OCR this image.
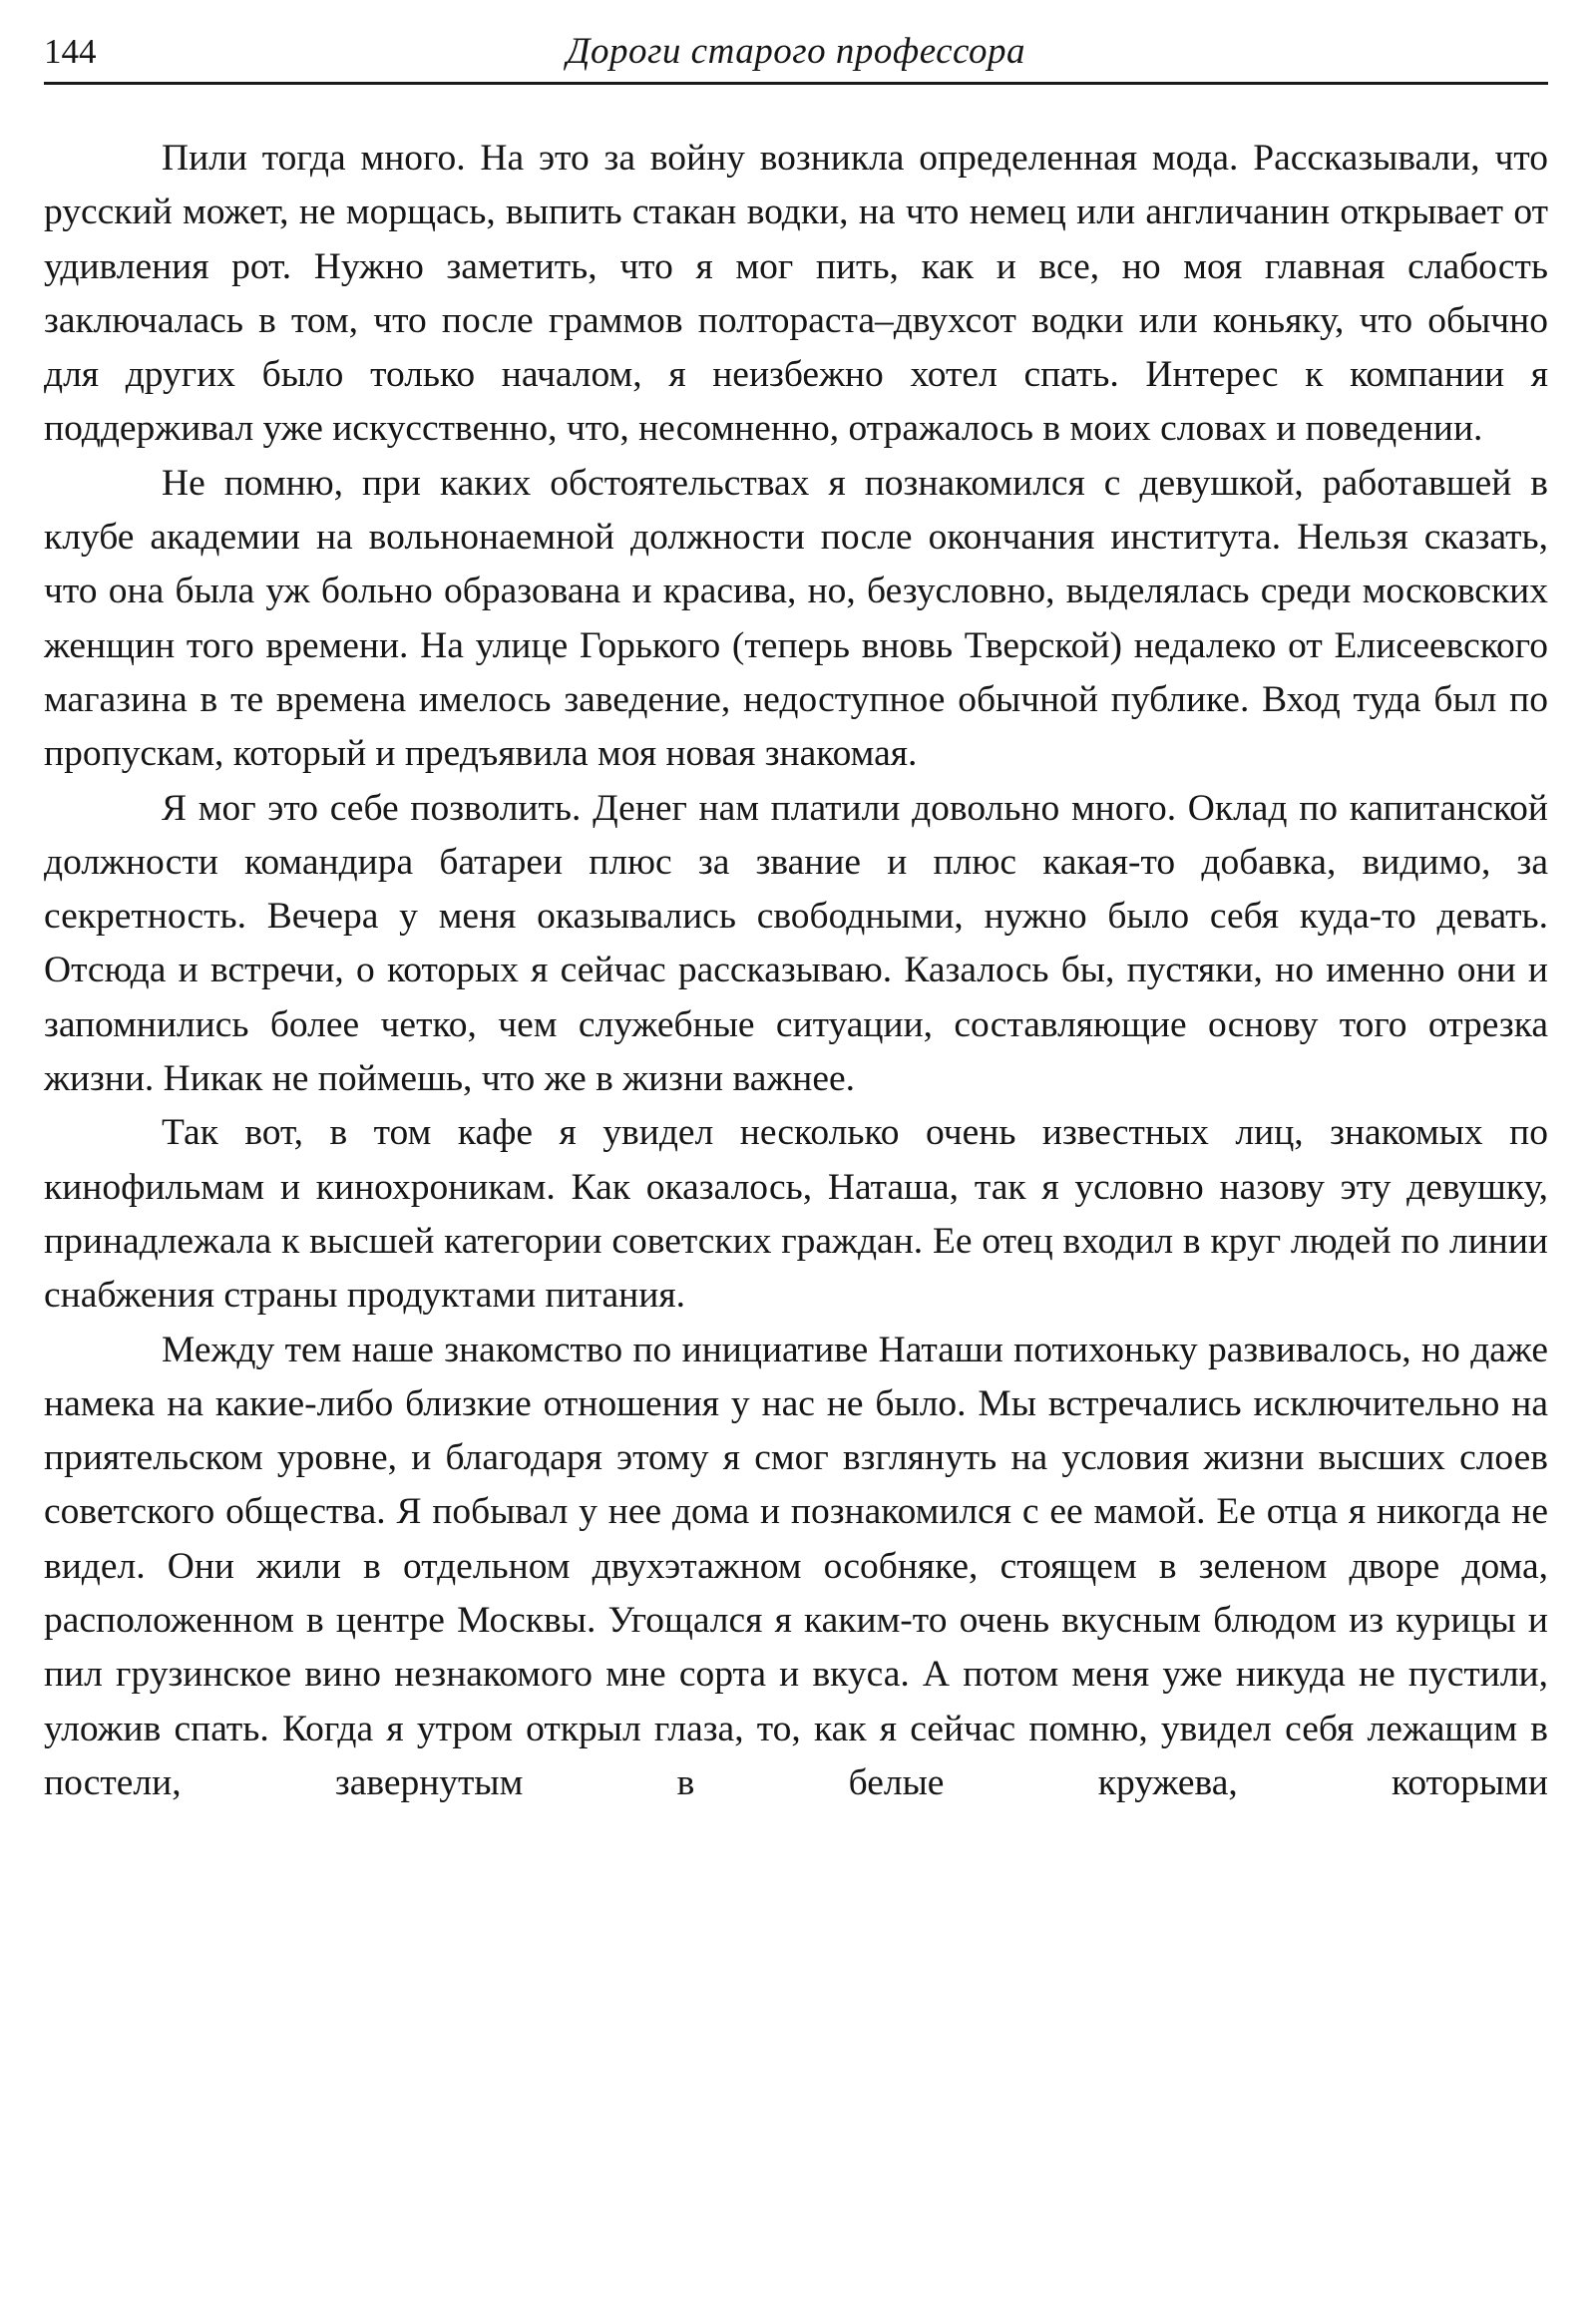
144	Дороги старого профессора

Пили тогда много. На это за войну возникла определенная мода. Рассказывали, что русский может, не морщась, выпить стакан водки, на что немец или англичанин открывает от удивления рот. Нужно заметить, что я мог пить, как и все, но моя главная слабость заключалась в том, что после граммов полтораста–двухсот водки или коньяку, что обычно для других было только началом, я неизбежно хотел спать. Интерес к компании я поддерживал уже искусственно, что, несомненно, отражалось в моих словах и поведении.

Не помню, при каких обстоятельствах я познакомился с девушкой, работавшей в клубе академии на вольнонаемной должности после окончания института. Нельзя сказать, что она была уж больно образована и красива, но, безусловно, выделялась среди московских женщин того времени. На улице Горького (теперь вновь Тверской) недалеко от Елисеевского магазина в те времена имелось заведение, недоступное обычной публике. Вход туда был по пропускам, который и предъявила моя новая знакомая.

Я мог это себе позволить. Денег нам платили довольно много. Оклад по капитанской должности командира батареи плюс за звание и плюс какая-то добавка, видимо, за секретность. Вечера у меня оказывались свободными, нужно было себя куда-то девать. Отсюда и встречи, о которых я сейчас рассказываю. Казалось бы, пустяки, но именно они и запомнились более четко, чем служебные ситуации, составляющие основу того отрезка жизни. Никак не поймешь, что же в жизни важнее.

Так вот, в том кафе я увидел несколько очень известных лиц, знакомых по кинофильмам и кинохроникам. Как оказалось, Наташа, так я условно назову эту девушку, принадлежала к высшей категории советских граждан. Ее отец входил в круг людей по линии снабжения страны продуктами питания.

Между тем наше знакомство по инициативе Наташи потихоньку развивалось, но даже намека на какие-либо близкие отношения у нас не было. Мы встречались исключительно на приятельском уровне, и благодаря этому я смог взглянуть на условия жизни высших слоев советского общества. Я побывал у нее дома и познакомился с ее мамой. Ее отца я никогда не видел. Они жили в отдельном двухэтажном особняке, стоящем в зеленом дворе дома, расположенном в центре Москвы. Угощался я каким-то очень вкусным блюдом из курицы и пил грузинское вино незнакомого мне сорта и вкуса. А потом меня уже никуда не пустили, уложив спать. Когда я утром открыл глаза, то, как я сейчас помню, увидел себя лежащим в постели, завернутым в белые кружева, которыми
